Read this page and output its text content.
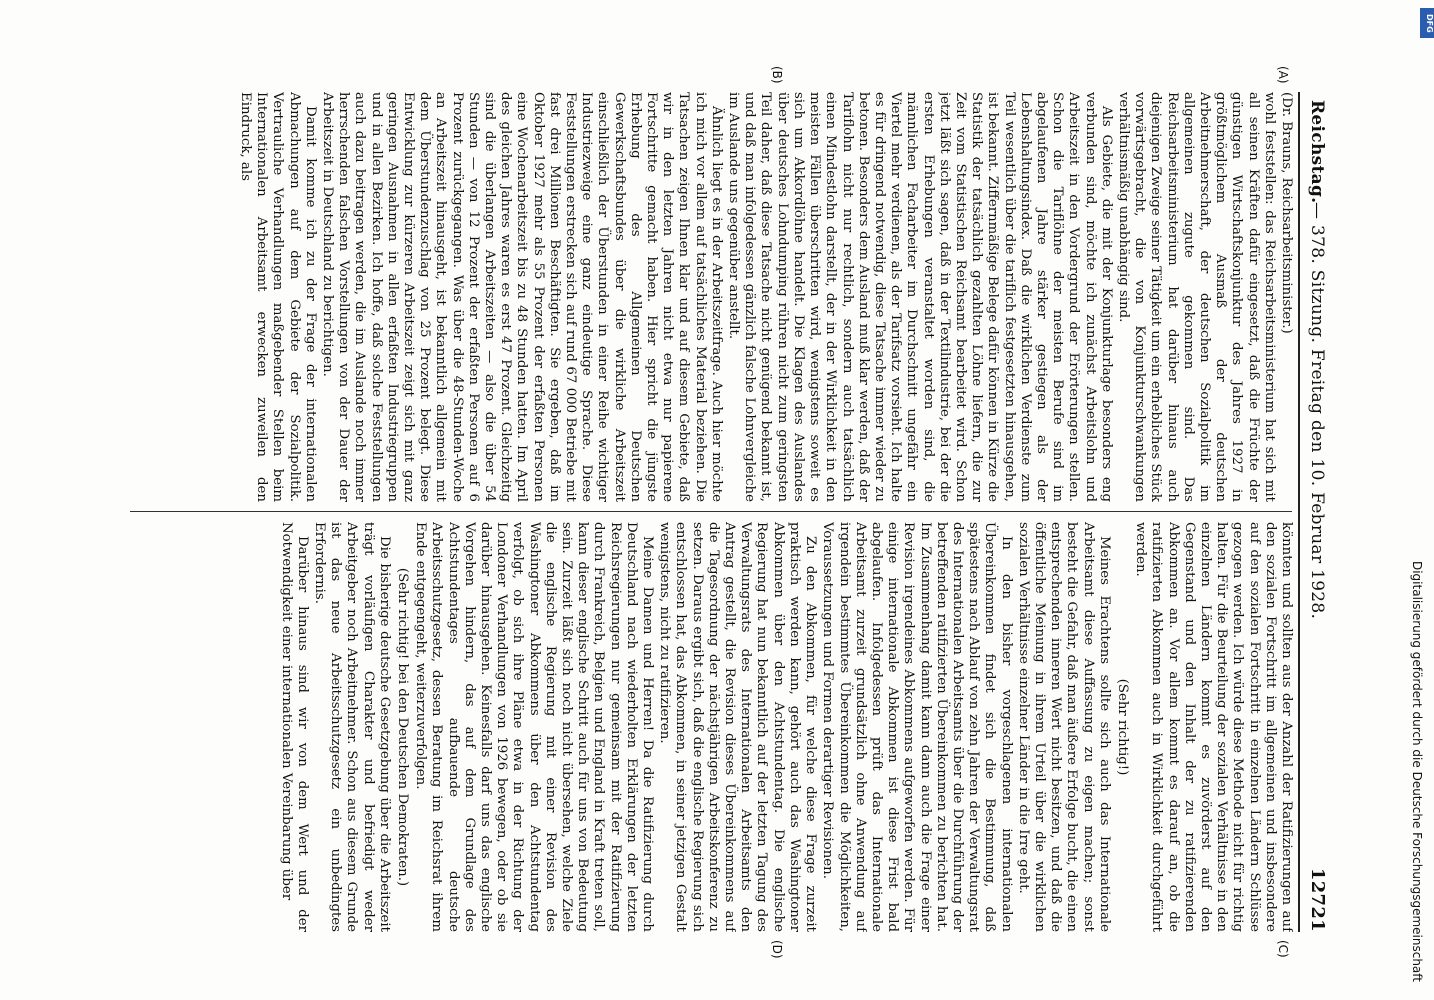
Reichstag.
— 378. Sitzung. Freitag den 10. Februar 1928.
12721
(A)
(B)
(C)
(D)

(Dr. Brauns, Reichsarbeitsminister.)

wohl feststellen: das Reichsarbeitsministerium hat sich mit all seinen Kräften dafür eingesetzt, daß die Früchte der günstigen Wirtschaftskonjunktur des Jahres 1927 in größtmöglichem Ausmaß der deutschen Arbeitnehmerschaft, der deutschen Sozialpolitik im allgemeinen zugute gekommen sind. Das Reichsarbeitsministerium hat darüber hinaus auch diejenigen Zweige seiner Tätigkeit um ein erhebliches Stück vorwärtsgebracht, die von Konjunkturschwankungen verhältnismäßig unabhängig sind.

Als Gebiete, die mit der Konjunkturlage besonders eng verbunden sind, möchte ich zunächst Arbeitslohn und Arbeitszeit in den Vordergrund der Erörterungen stellen. Schon die Tariflöhne der meisten Berufe sind im abgelaufenen Jahre stärker gestiegen als der Lebenshaltungsindex. Daß die wirklichen Verdienste zum Teil wesentlich über die tariflich festgesetzten hinausgehen, ist bekannt. Ziffernmäßige Belege dafür können in Kürze die Statistik der tatsächlich gezahlten Löhne liefern, die zur Zeit vom Statistischen Reichsamt bearbeitet wird. Schon jetzt läßt sich sagen, daß in der Textilindustrie, bei der die ersten Erhebungen veranstaltet worden sind, die männlichen Facharbeiter im Durchschnitt ungefähr ein Viertel mehr verdienen, als der Tarifsatz vorsieht. Ich halte es für dringend notwendig, diese Tatsache immer wieder zu betonen. Besonders dem Ausland muß klar werden, daß der Tariflohn nicht nur rechtlich, sondern auch tatsächlich einen Mindestlohn darstellt, der in der Wirklichkeit in den meisten Fällen überschritten wird, wenigstens soweit es sich um Akkordlöhne handelt. Die Klagen des Auslandes über deutsches Lohndumping rühren nicht zum geringsten Teil daher, daß diese Tatsache nicht genügend bekannt ist, und daß man infolgedessen gänzlich falsche Lohnvergleiche im Auslande uns gegenüber anstellt.

Ähnlich liegt es in der Arbeitszeitfrage. Auch hier möchte ich mich vor allem auf tatsächliches Material beziehen. Die Tatsachen zeigen Ihnen klar und auf diesem Gebiete, daß wir in den letzten Jahren nicht etwa nur papierene Fortschritte gemacht haben. Hier spricht die jüngste Erhebung des Allgemeinen Deutschen Gewerkschaftsbundes über die wirkliche Arbeitszeit einschließlich der Überstunden in einer Reihe wichtiger Industriezweige eine ganz eindeutige Sprache. Diese Feststellungen erstrecken sich auf rund 67 000 Betriebe mit fast drei Millionen Beschäftigten. Sie ergeben, daß im Oktober 1927 mehr als 55 Prozent der erfaßten Personen eine Wochenarbeitszeit bis zu 48 Stunden hatten. Im April des gleichen Jahres waren es erst 47 Prozent. Gleichzeitig sind die überlangen Arbeitszeiten — also die über 54 Stunden — von 12 Prozent der erfaßten Personen auf 6 Prozent zurückgegangen. Was über die 48-Stunden-Woche an Arbeitszeit hinausgeht, ist bekanntlich allgemein mit dem Überstundenzuschlag von 25 Prozent belegt. Diese Entwicklung zur kürzeren Arbeitszeit zeigt sich mit ganz geringen Ausnahmen in allen erfaßten Industriegruppen und in allen Bezirken. Ich hoffe, daß solche Feststellungen auch dazu beitragen werden, die im Auslande noch immer herrschenden falschen Vorstellungen von der Dauer der Arbeitszeit in Deutschland zu berichtigen.

Damit komme ich zu der Frage der internationalen Abmachungen auf dem Gebiete der Sozialpolitik. Vertrauliche Verhandlungen maßgebender Stellen beim Internationalen Arbeitsamt erwecken zuweilen den Eindruck, als

könnten und sollten aus der Anzahl der Ratifizierungen auf den sozialen Fortschritt im allgemeinen und insbesondere auf den sozialen Fortschritt in einzelnen Ländern Schlüsse gezogen werden. Ich würde diese Methode nicht für richtig halten. Für die Beurteilung der sozialen Verhältnisse in den einzelnen Ländern kommt es zuvörderst auf den Gegenstand und den Inhalt der zu ratifizierenden Abkommen an. Vor allem kommt es darauf an, ob die ratifizierten Abkommen auch in Wirklichkeit durchgeführt werden.

(Sehr richtig!)

Meines Erachtens sollte sich auch das Internationale Arbeitsamt diese Auffassung zu eigen machen; sonst besteht die Gefahr, daß man äußere Erfolge bucht, die einen entsprechenden inneren Wert nicht besitzen, und daß die öffentliche Meinung in ihrem Urteil über die wirklichen sozialen Verhältnisse einzelner Länder in die Irre geht.

In den bisher vorgeschlagenen internationalen Übereinkommen findet sich die Bestimmung, daß spätestens nach Ablauf von zehn Jahren der Verwaltungsrat des Internationalen Arbeitsamts über die Durchführung der betreffenden ratifizierten Übereinkommen zu berichten hat. Im Zusammenhang damit kann dann auch die Frage einer Revision irgendeines Abkommens aufgeworfen werden. Für einige internationale Abkommen ist diese Frist bald abgelaufen. Infolgedessen prüft das Internationale Arbeitsamt zurzeit grundsätzlich ohne Anwendung auf irgendein bestimmtes Übereinkommen die Möglichkeiten, Voraussetzungen und Formen derartiger Revisionen.

Zu den Abkommen, für welche diese Frage zurzeit praktisch werden kann, gehört auch das Washingtoner Abkommen über den Achtstundentag. Die englische Regierung hat nun bekanntlich auf der letzten Tagung des Verwaltungsrats des Internationalen Arbeitsamts den Antrag gestellt, die Revision dieses Übereinkommens auf die Tagesordnung der nächstjährigen Arbeitskonferenz zu setzen. Daraus ergibt sich, daß die englische Regierung sich entschlossen hat, das Abkommen, in seiner jetzigen Gestalt wenigstens, nicht zu ratifizieren.

Meine Damen und Herren! Da die Ratifizierung durch Deutschland nach wiederholten Erklärungen der letzten Reichsregierungen nur gemeinsam mit der Ratifizierung durch Frankreich, Belgien und England in Kraft treten soll, kann dieser englische Schritt auch für uns von Bedeutung sein. Zurzeit läßt sich noch nicht übersehen, welche Ziele die englische Regierung mit einer Revision des Washingtoner Abkommens über den Achtstundentag verfolgt, ob sich ihre Pläne etwa in der Richtung der Londoner Verhandlungen von 1926 bewegen, oder ob sie darüber hinausgehen. Keinesfalls darf uns das englische Vorgehen hindern, das auf dem Grundlage des Achtstundentages aufbauende deutsche Arbeitsschutzgesetz, dessen Beratung im Reichsrat ihrem Ende entgegengeht, weiterzuverfolgen.

(Sehr richtig! bei den Deutschen Demokraten.)

Die bisherige deutsche Gesetzgebung über die Arbeitszeit trägt vorläufigen Charakter und befriedigt weder Arbeitgeber noch Arbeitnehmer. Schon aus diesem Grunde ist das neue Arbeitsschutzgesetz ein unbedingtes Erfordernis.

Darüber hinaus sind wir von dem Wert und der Notwendigkeit einer internationalen Vereinbarung über	Digitalisierung gefördert durch die Deutsche Forschungsgemeinschaft
DFG
